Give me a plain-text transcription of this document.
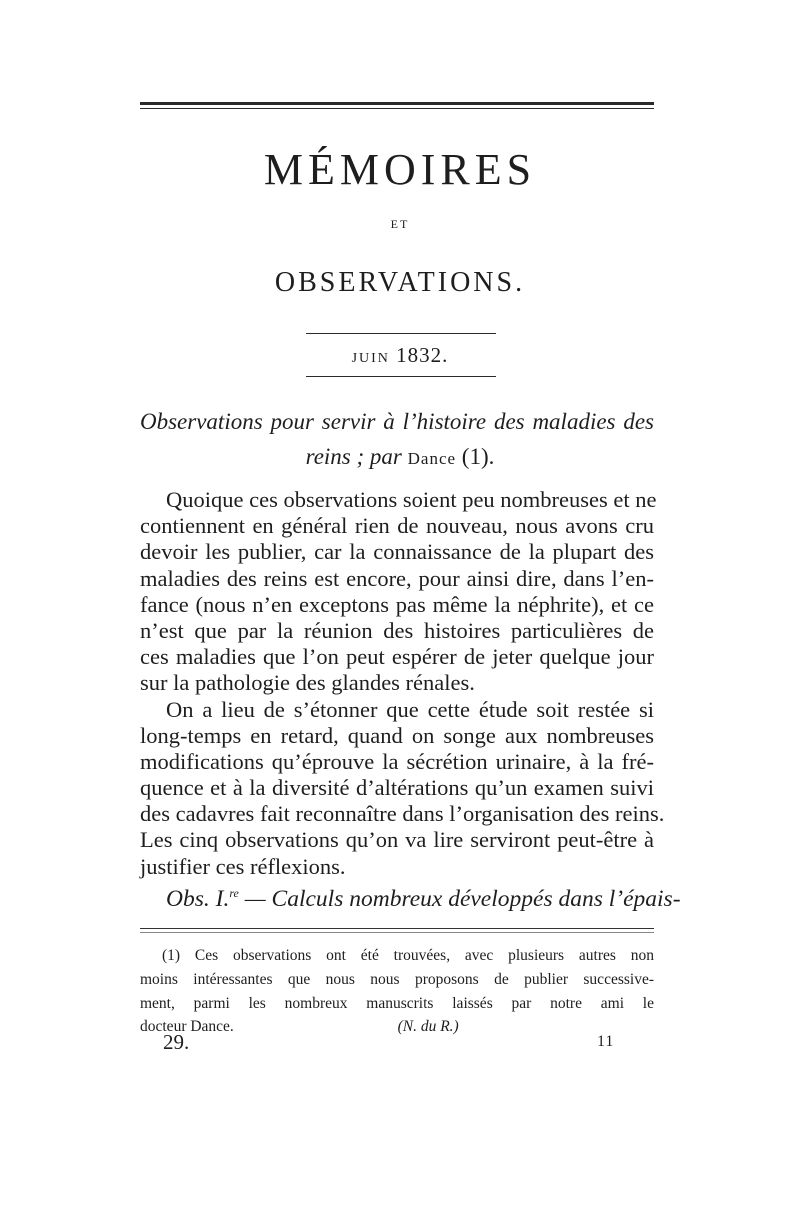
MÉMOIRES
ET
OBSERVATIONS.
JUIN 1832.
Observations pour servir à l’histoire des maladies des
reins ; par Dance (1).
Quoique ces observations soient peu nombreuses et ne
contiennent en général rien de nouveau, nous avons cru
devoir les publier, car la connaissance de la plupart des
maladies des reins est encore, pour ainsi dire, dans l’en-
fance (nous n’en exceptons pas même la néphrite), et ce
n’est que par la réunion des histoires particulières de
ces maladies que l’on peut espérer de jeter quelque jour
sur la pathologie des glandes rénales.
On a lieu de s’étonner que cette étude soit restée si
long-temps en retard, quand on songe aux nombreuses
modifications qu’éprouve la sécrétion urinaire, à la fré-
quence et à la diversité d’altérations qu’un examen suivi
des cadavres fait reconnaître dans l’organisation des reins.
Les cinq observations qu’on va lire serviront peut-être à
justifier ces réflexions.
Obs. I.$^{re}$ — Calculs nombreux développés dans l’épais-
(1) Ces observations ont été trouvées, avec plusieurs autres non
moins intéressantes que nous nous proposons de publier successive-
ment, parmi les nombreux manuscrits laissés par notre ami le
docteur Dance.	(N. du R.)
29.	11
